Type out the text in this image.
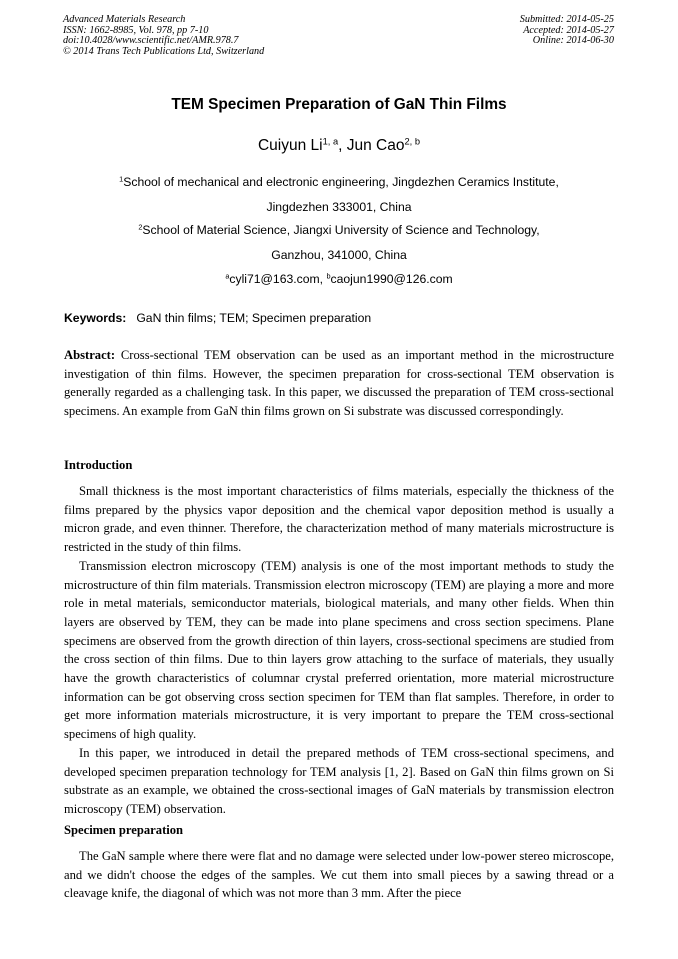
Advanced Materials Research
ISSN: 1662-8985, Vol. 978, pp 7-10
doi:10.4028/www.scientific.net/AMR.978.7
© 2014 Trans Tech Publications Ltd, Switzerland
Submitted: 2014-05-25
Accepted: 2014-05-27
Online: 2014-06-30
TEM Specimen Preparation of GaN Thin Films
Cuiyun Li$^{1, a}$, Jun Cao$^{2, b}$
$^1$School of mechanical and electronic engineering, Jingdezhen Ceramics Institute,
Jingdezhen 333001, China
$^2$School of Material Science, Jiangxi University of Science and Technology,
Ganzhou, 341000, China
$^a$cyli71@163.com, $^b$caojun1990@126.com
Keywords: GaN thin films; TEM; Specimen preparation

Abstract: Cross-sectional TEM observation can be used as an important method in the microstructure investigation of thin films. However, the specimen preparation for cross-sectional TEM observation is generally regarded as a challenging task. In this paper, we discussed the preparation of TEM cross-sectional specimens. An example from GaN thin films grown on Si substrate was discussed correspondingly.

Introduction

Small thickness is the most important characteristics of films materials, especially the thickness of the films prepared by the physics vapor deposition and the chemical vapor deposition method is usually a micron grade, and even thinner. Therefore, the characterization method of many materials microstructure is restricted in the study of thin films.

Transmission electron microscopy (TEM) analysis is one of the most important methods to study the microstructure of thin film materials. Transmission electron microscopy (TEM) are playing a more and more role in metal materials, semiconductor materials, biological materials, and many other fields. When thin layers are observed by TEM, they can be made into plane specimens and cross section specimens. Plane specimens are observed from the growth direction of thin layers, cross-sectional specimens are studied from the cross section of thin films. Due to thin layers grow attaching to the surface of materials, they usually have the growth characteristics of columnar crystal preferred orientation, more material microstructure information can be got observing cross section specimen for TEM than flat samples. Therefore, in order to get more information materials microstructure, it is very important to prepare the TEM cross-sectional specimens of high quality.

In this paper, we introduced in detail the prepared methods of TEM cross-sectional specimens, and developed specimen preparation technology for TEM analysis [1, 2]. Based on GaN thin films grown on Si substrate as an example, we obtained the cross-sectional images of GaN materials by transmission electron microscopy (TEM) observation.

Specimen preparation

The GaN sample where there were flat and no damage were selected under low-power stereo microscope, and we didn't choose the edges of the samples. We cut them into small pieces by a sawing thread or a cleavage knife, the diagonal of which was not more than 3 mm. After the piece
